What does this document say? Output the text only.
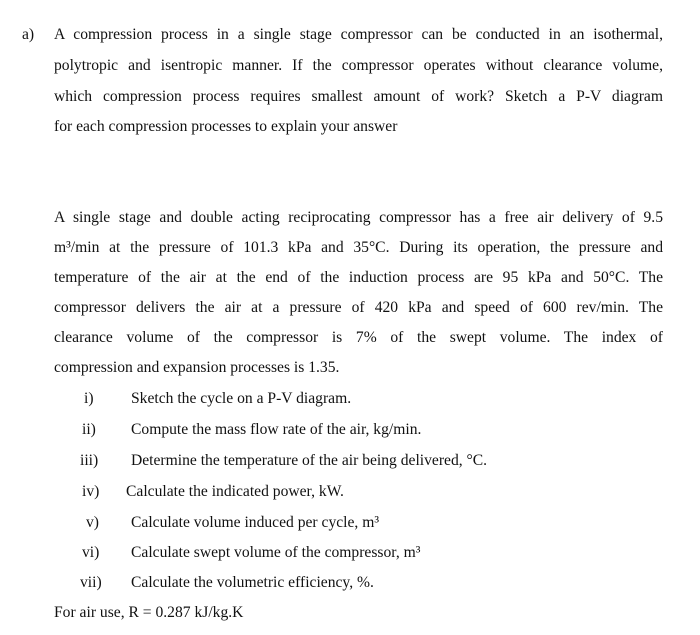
a) A compression process in a single stage compressor can be conducted in an isothermal,
polytropic and isentropic manner. If the compressor operates without clearance volume,
which compression process requires smallest amount of work? Sketch a P-V diagram
for each compression processes to explain your answer
A single stage and double acting reciprocating compressor has a free air delivery of 9.5
m³/min at the pressure of 101.3 kPa and 35°C. During its operation, the pressure and
temperature of the air at the end of the induction process are 95 kPa and 50°C. The
compressor delivers the air at a pressure of 420 kPa and speed of 600 rev/min. The
clearance volume of the compressor is 7% of the swept volume. The index of
compression and expansion processes is 1.35.
i) Sketch the cycle on a P-V diagram.
ii) Compute the mass flow rate of the air, kg/min.
iii) Determine the temperature of the air being delivered, °C.
iv) Calculate the indicated power, kW.
v) Calculate volume induced per cycle, m³
vi) Calculate swept volume of the compressor, m³
vii) Calculate the volumetric efficiency, %.
For air use, R = 0.287 kJ/kg.K
